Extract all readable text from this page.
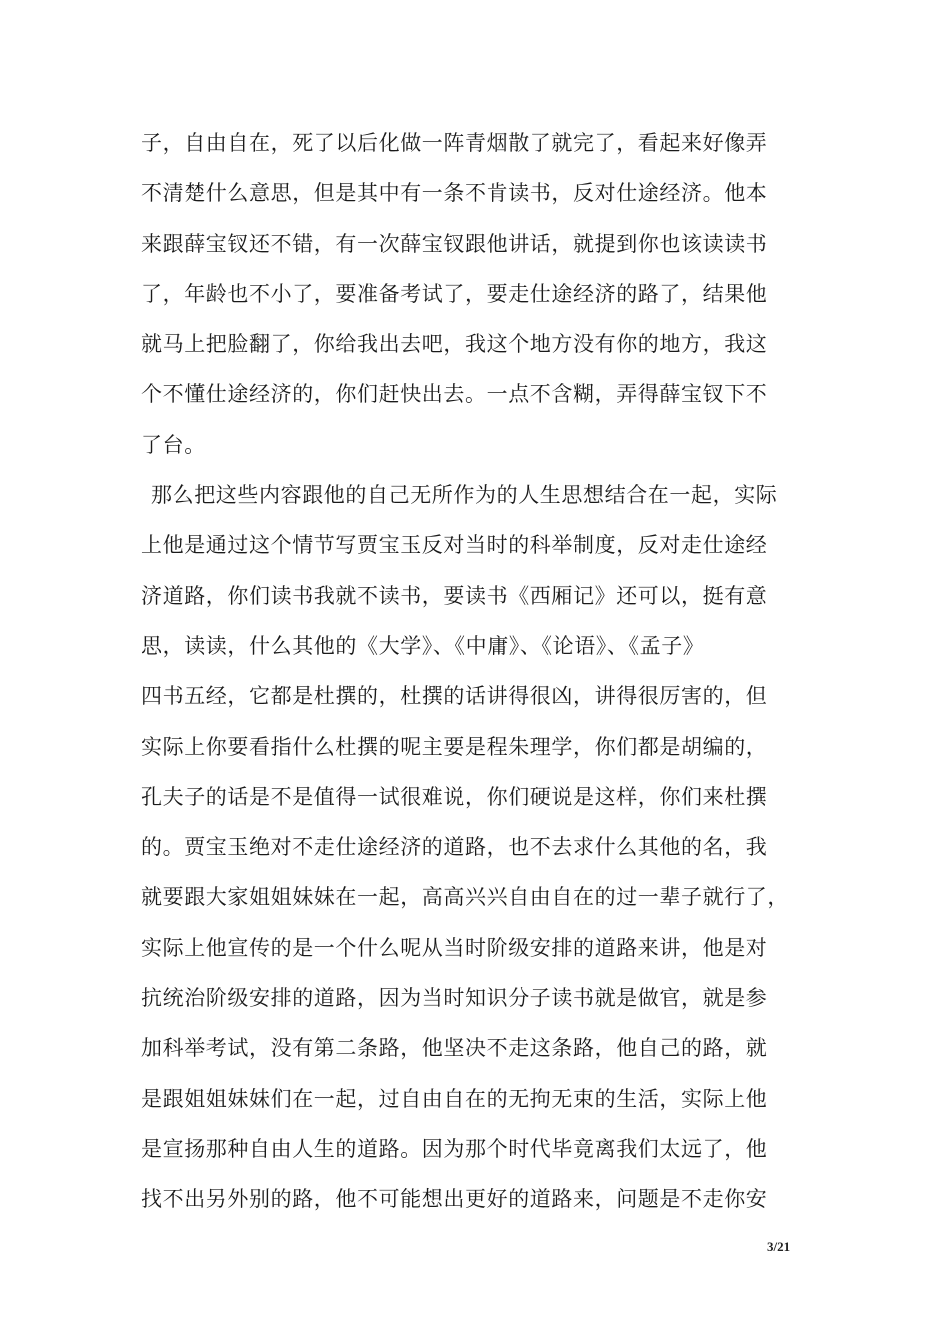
子，自由自在，死了以后化做一阵青烟散了就完了，看起来好像弄
不清楚什么意思，但是其中有一条不肯读书，反对仕途经济。他本
来跟薛宝钗还不错，有一次薛宝钗跟他讲话，就提到你也该读读书
了，年龄也不小了，要准备考试了，要走仕途经济的路了，结果他
就马上把脸翻了，你给我出去吧，我这个地方没有你的地方，我这
个不懂仕途经济的，你们赶快出去。一点不含糊，弄得薛宝钗下不
了台。
那么把这些内容跟他的自己无所作为的人生思想结合在一起，实际
上他是通过这个情节写贾宝玉反对当时的科举制度，反对走仕途经
济道路，你们读书我就不读书，要读书《西厢记》还可以，挺有意
思，读读，什么其他的《大学》、《中庸》、《论语》、《孟子》
四书五经，它都是杜撰的，杜撰的话讲得很凶，讲得很厉害的，但
实际上你要看指什么杜撰的呢主要是程朱理学，你们都是胡编的，
孔夫子的话是不是值得一试很难说，你们硬说是这样，你们来杜撰
的。贾宝玉绝对不走仕途经济的道路，也不去求什么其他的名，我
就要跟大家姐姐妹妹在一起，高高兴兴自由自在的过一辈子就行了，
实际上他宣传的是一个什么呢从当时阶级安排的道路来讲，他是对
抗统治阶级安排的道路，因为当时知识分子读书就是做官，就是参
加科举考试，没有第二条路，他坚决不走这条路，他自己的路，就
是跟姐姐妹妹们在一起，过自由自在的无拘无束的生活，实际上他
是宣扬那种自由人生的道路。因为那个时代毕竟离我们太远了，他
找不出另外别的路，他不可能想出更好的道路来，问题是不走你安
3/21
